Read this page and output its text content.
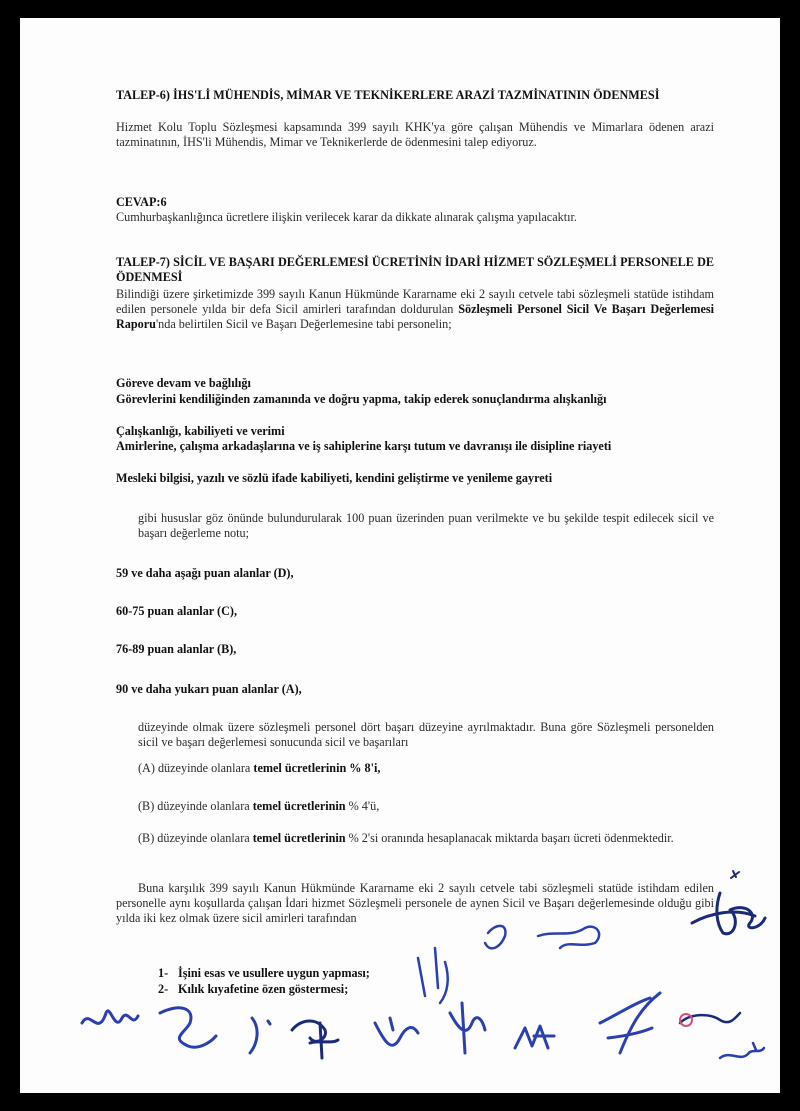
TALEP-6) İHS'Lİ MÜHENDİS, MİMAR VE TEKNİKERLERE ARAZİ TAZMİNATININ ÖDENMESİ

Hizmet Kolu Toplu Sözleşmesi kapsamında 399 sayılı KHK'ya göre çalışan Mühendis ve Mimarlara ödenen arazi tazminatının, İHS'li Mühendis, Mimar ve Teknikerlerde de ödenmesini talep ediyoruz.

CEVAP:6

Cumhurbaşkanlığınca ücretlere ilişkin verilecek karar da dikkate alınarak çalışma yapılacaktır.

TALEP-7) SİCİL VE BAŞARI DEĞERLEMESİ ÜCRETİNİN İDARİ HİZMET SÖZLEŞMELİ PERSONELE DE ÖDENMESİ

Bilindiği üzere şirketimizde 399 sayılı Kanun Hükmünde Kararname eki 2 sayılı cetvele tabi sözleşmeli statüde istihdam edilen personele yılda bir defa Sicil amirleri tarafından doldurulan Sözleşmeli Personel Sicil Ve Başarı Değerlemesi Raporu'nda belirtilen Sicil ve Başarı Değerlemesine tabi personelin;

Göreve devam ve bağlılığı

Görevlerini kendiliğinden zamanında ve doğru yapma, takip ederek sonuçlandırma alışkanlığı

Çalışkanlığı, kabiliyeti ve verimi

Amirlerine, çalışma arkadaşlarına ve iş sahiplerine karşı tutum ve davranışı ile disipline riayeti

Mesleki bilgisi, yazılı ve sözlü ifade kabiliyeti, kendini geliştirme ve yenileme gayreti

gibi hususlar göz önünde bulundurularak 100 puan üzerinden puan verilmekte ve bu şekilde tespit edilecek sicil ve başarı değerleme notu;

59 ve daha aşağı puan alanlar (D),

60-75 puan alanlar (C),

76-89 puan alanlar (B),

90 ve daha yukarı puan alanlar (A),

düzeyinde olmak üzere sözleşmeli personel dört başarı düzeyine ayrılmaktadır. Buna göre Sözleşmeli personelden sicil ve başarı değerlemesi sonucunda sicil ve başarıları

(A) düzeyinde olanlara temel ücretlerinin % 8'i,

(B) düzeyinde olanlara temel ücretlerinin % 4'ü,

(B) düzeyinde olanlara temel ücretlerinin % 2'si oranında hesaplanacak miktarda başarı ücreti ödenmektedir.

Buna karşılık 399 sayılı Kanun Hükmünde Kararname eki 2 sayılı cetvele tabi sözleşmeli statüde istihdam edilen personelle aynı koşullarda çalışan İdari hizmet Sözleşmeli personele de aynen Sicil ve Başarı değerlemesinde olduğu gibi yılda iki kez olmak üzere sicil amirleri tarafından

1- İşini esas ve usullere uygun yapması;

2- Kılık kıyafetine özen göstermesi;
